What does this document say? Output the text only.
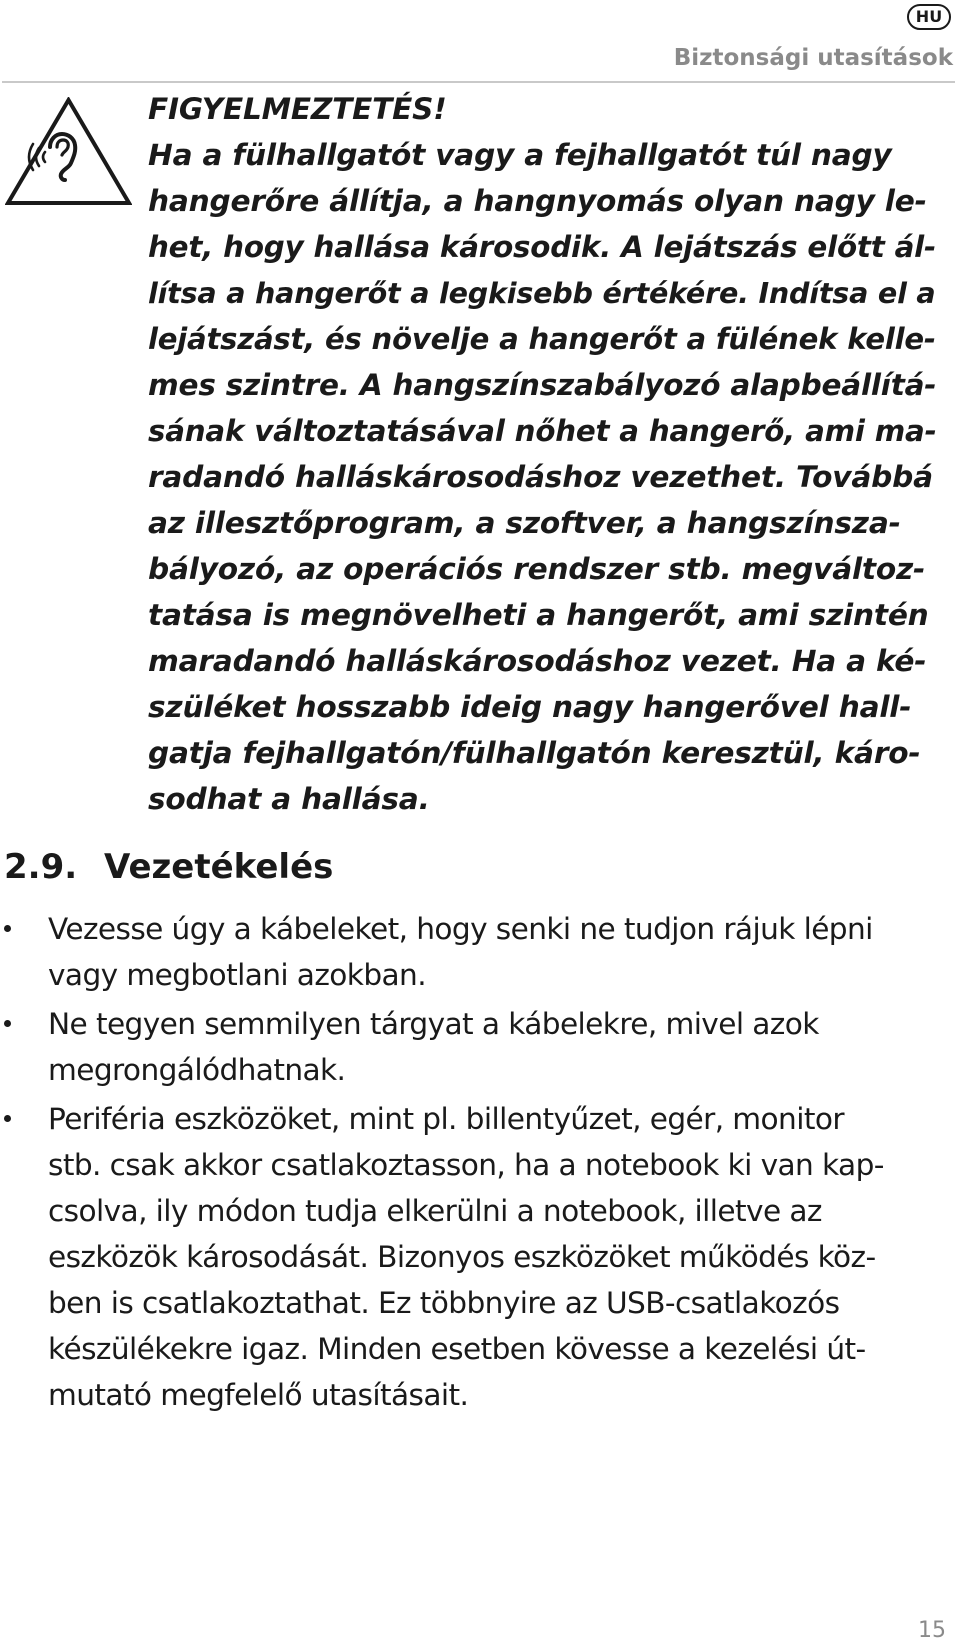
HU
Biztonsági utasítások
FIGYELMEZTETÉS!
Ha a fülhallgatót vagy a fejhallgatót túl nagy
hangerőre állítja, a hangnyomás olyan nagy le-
het, hogy hallása károsodik. A lejátszás előtt ál-
lítsa a hangerőt a legkisebb értékére. Indítsa el a
lejátszást, és növelje a hangerőt a fülének kelle-
mes szintre. A hangszínszabályozó alapbeállítá-
sának változtatásával nőhet a hangerő, ami ma-
radandó halláskárosodáshoz vezethet. Továbbá
az illesztőprogram, a szoftver, a hangszínsza-
bályozó, az operációs rendszer stb. megváltoz-
tatása is megnövelheti a hangerőt, ami szintén
maradandó halláskárosodáshoz vezet. Ha a ké-
szüléket hosszabb ideig nagy hangerővel hall-
gatja fejhallgatón/fülhallgatón keresztül, káro-
sodhat a hallása.
2.9. Vezetékelés
Vezesse úgy a kábeleket, hogy senki ne tudjon rájuk lépni
vagy megbotlani azokban.
Ne tegyen semmilyen tárgyat a kábelekre, mivel azok
megrongálódhatnak.
Periféria eszközöket, mint pl. billentyűzet, egér, monitor
stb. csak akkor csatlakoztasson, ha a notebook ki van kap-
csolva, ily módon tudja elkerülni a notebook, illetve az
eszközök károsodását. Bizonyos eszközöket működés köz-
ben is csatlakoztathat. Ez többnyire az USB-csatlakozós
készülékekre igaz. Minden esetben kövesse a kezelési út-
mutató megfelelő utasításait.
15
